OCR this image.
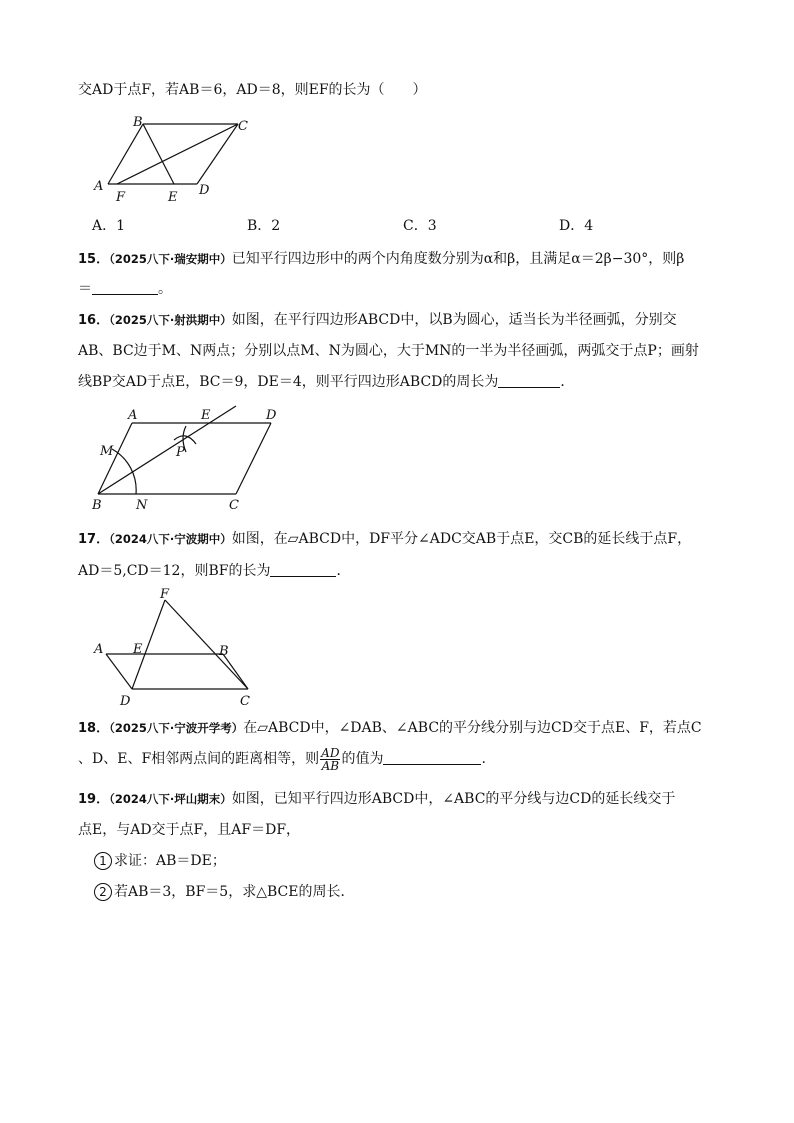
交AD于点F，若AB＝6，AD＝8，则EF的长为（　　）
B	C
A
F	E D
A．1	B．2	C．3	D．4
15．（2025八下·瑞安期中）已知平行四边形中的两个内角度数分别为α和β，且满足α＝2β−30°，则β
＝	。
16．（2025八下·射洪期中）如图，在平行四边形ABCD中，以B为圆心，适当长为半径画弧，分别交
AB、BC边于M、N两点；分别以点M、N为圆心，大于MN的一半为半径画弧，两弧交于点P；画射
线BP交AD于点E，BC＝9，DE＝4，则平行四边形ABCD的周长为	．
A	E	D
M	P
B	N	C
17．（2024八下·宁波期中）如图，在▱ABCD中，DF平分∠ADC交AB于点E，交CB的延长线于点F，
AD＝5,CD＝12，则BF的长为	．
F
A E	B
D	C
18．（2025八下·宁波开学考）在▱ABCD中，∠DAB、∠ABC的平分线分别与边CD交于点E、F，若点C
、D、E、F相邻两点间的距离相等，则 $\frac{AD}{AB}$ 的值为	.
19．（2024八下·坪山期末）如图，已知平行四边形ABCD中，∠ABC的平分线与边CD的延长线交于
点E，与AD交于点F，且AF＝DF，
1 求证：AB＝DE；
2 若AB＝3，BF＝5，求△BCE的周长．
